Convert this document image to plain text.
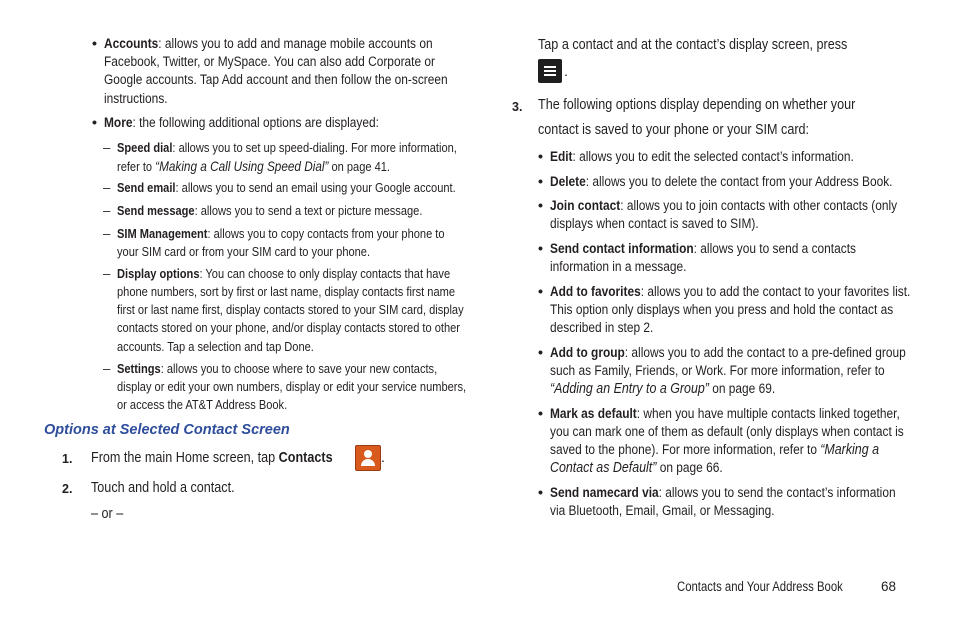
• Accounts: allows you to add and manage mobile accounts on
Facebook, Twitter, or MySpace. You can also add Corporate or
Google accounts. Tap Add account and then follow the on-screen
instructions.
• More: the following additional options are displayed:
– Speed dial: allows you to set up speed-dialing. For more information,
refer to “Making a Call Using Speed Dial” on page 41.
– Send email: allows you to send an email using your Google account.
– Send message: allows you to send a text or picture message.
– SIM Management: allows you to copy contacts from your phone to
your SIM card or from your SIM card to your phone.
– Display options: You can choose to only display contacts that have
phone numbers, sort by first or last name, display contacts first name
first or last name first, display contacts stored to your SIM card, display
contacts stored on your phone, and/or display contacts stored to other
accounts. Tap a selection and tap Done.
– Settings: allows you to choose where to save your new contacts,
display or edit your own numbers, display or edit your service numbers,
or access the AT&T Address Book.
Options at Selected Contact Screen
1. From the main Home screen, tap Contacts	.
2. Touch and hold a contact.
– or –
Tap a contact and at the contact’s display screen, press
.
3. The following options display depending on whether your
contact is saved to your phone or your SIM card:
• Edit: allows you to edit the selected contact’s information.
• Delete: allows you to delete the contact from your Address Book.
• Join contact: allows you to join contacts with other contacts (only
displays when contact is saved to SIM).
• Send contact information: allows you to send a contacts
information in a message.
• Add to favorites: allows you to add the contact to your favorites list.
This option only displays when you press and hold the contact as
described in step 2.
• Add to group: allows you to add the contact to a pre-defined group
such as Family, Friends, or Work. For more information, refer to
“Adding an Entry to a Group” on page 69.
• Mark as default: when you have multiple contacts linked together,
you can mark one of them as default (only displays when contact is
saved to the phone). For more information, refer to “Marking a
Contact as Default” on page 66.
• Send namecard via: allows you to send the contact’s information
via Bluetooth, Email, Gmail, or Messaging.
Contacts and Your Address Book	68
